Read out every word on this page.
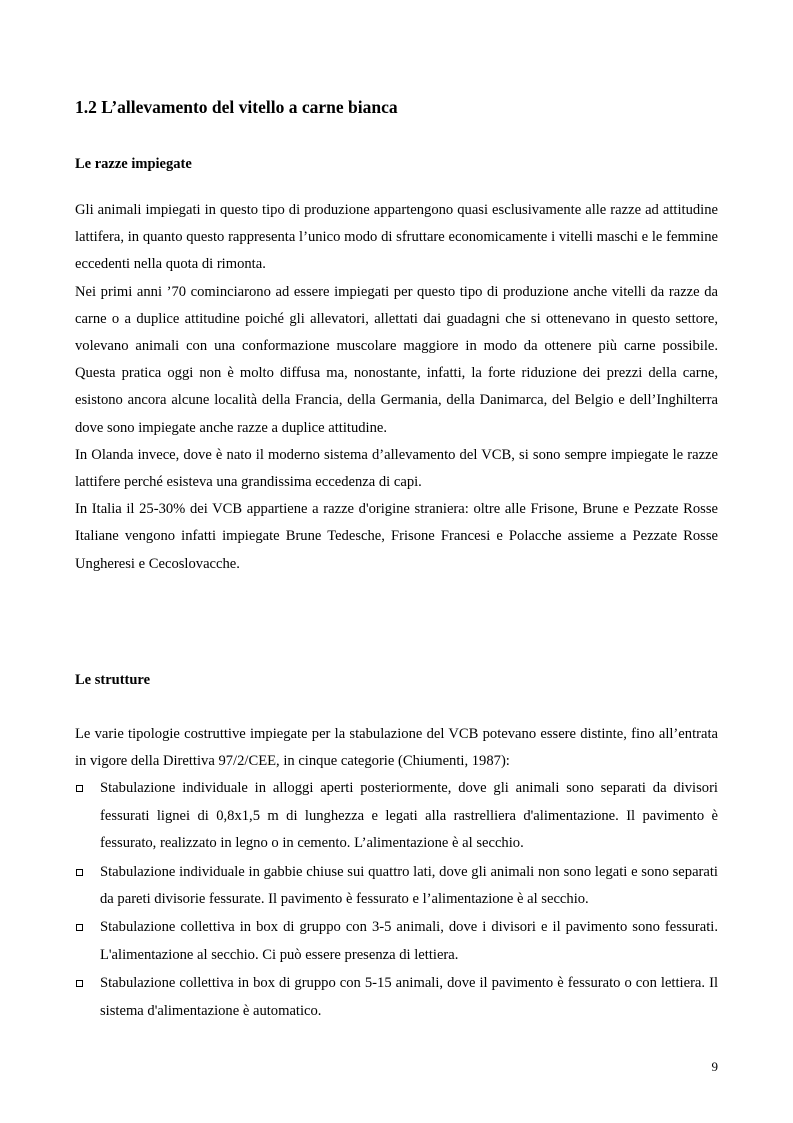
1.2 L’allevamento del vitello a carne bianca
Le razze impiegate

Gli animali impiegati in questo tipo di produzione appartengono quasi esclusivamente alle razze ad attitudine lattifera, in quanto questo rappresenta l’unico modo di sfruttare economicamente i vitelli maschi e le femmine eccedenti nella quota di rimonta.

Nei primi anni ’70 cominciarono ad essere impiegati per questo tipo di produzione anche vitelli da razze da carne o a duplice attitudine poiché gli allevatori, allettati dai guadagni che si ottenevano in questo settore, volevano animali con una conformazione muscolare maggiore in modo da ottenere più carne possibile. Questa pratica oggi non è molto diffusa ma, nonostante, infatti, la forte riduzione dei prezzi della carne, esistono ancora alcune località della Francia, della Germania, della Danimarca, del Belgio e dell’Inghilterra dove sono impiegate anche razze a duplice attitudine.

In Olanda invece, dove è nato il moderno sistema d’allevamento del VCB, si sono sempre impiegate le razze lattifere perché esisteva una grandissima eccedenza di capi.

In Italia il 25-30% dei VCB appartiene a razze d'origine straniera: oltre alle Frisone, Brune e Pezzate Rosse Italiane vengono infatti impiegate Brune Tedesche, Frisone Francesi e Polacche assieme a Pezzate Rosse Ungheresi e Cecoslovacche.

Le strutture

Le varie tipologie costruttive impiegate per la stabulazione del VCB potevano essere distinte, fino all’entrata in vigore della Direttiva 97/2/CEE, in cinque categorie (Chiumenti, 1987):

Stabulazione individuale in alloggi aperti posteriormente, dove gli animali sono separati da divisori fessurati lignei di 0,8x1,5 m di lunghezza e legati alla rastrelliera d'alimentazione. Il pavimento è fessurato, realizzato in legno o in cemento. L’alimentazione è al secchio.
Stabulazione individuale in gabbie chiuse sui quattro lati, dove gli animali non sono legati e sono separati da pareti divisorie fessurate. Il pavimento è fessurato e l’alimentazione è al secchio.
Stabulazione collettiva in box di gruppo con 3-5 animali, dove i divisori e il pavimento sono fessurati. L'alimentazione al secchio. Ci può essere presenza di lettiera.
Stabulazione collettiva in box di gruppo con 5-15 animali, dove il pavimento è fessurato o con lettiera. Il sistema d'alimentazione è automatico.
9
